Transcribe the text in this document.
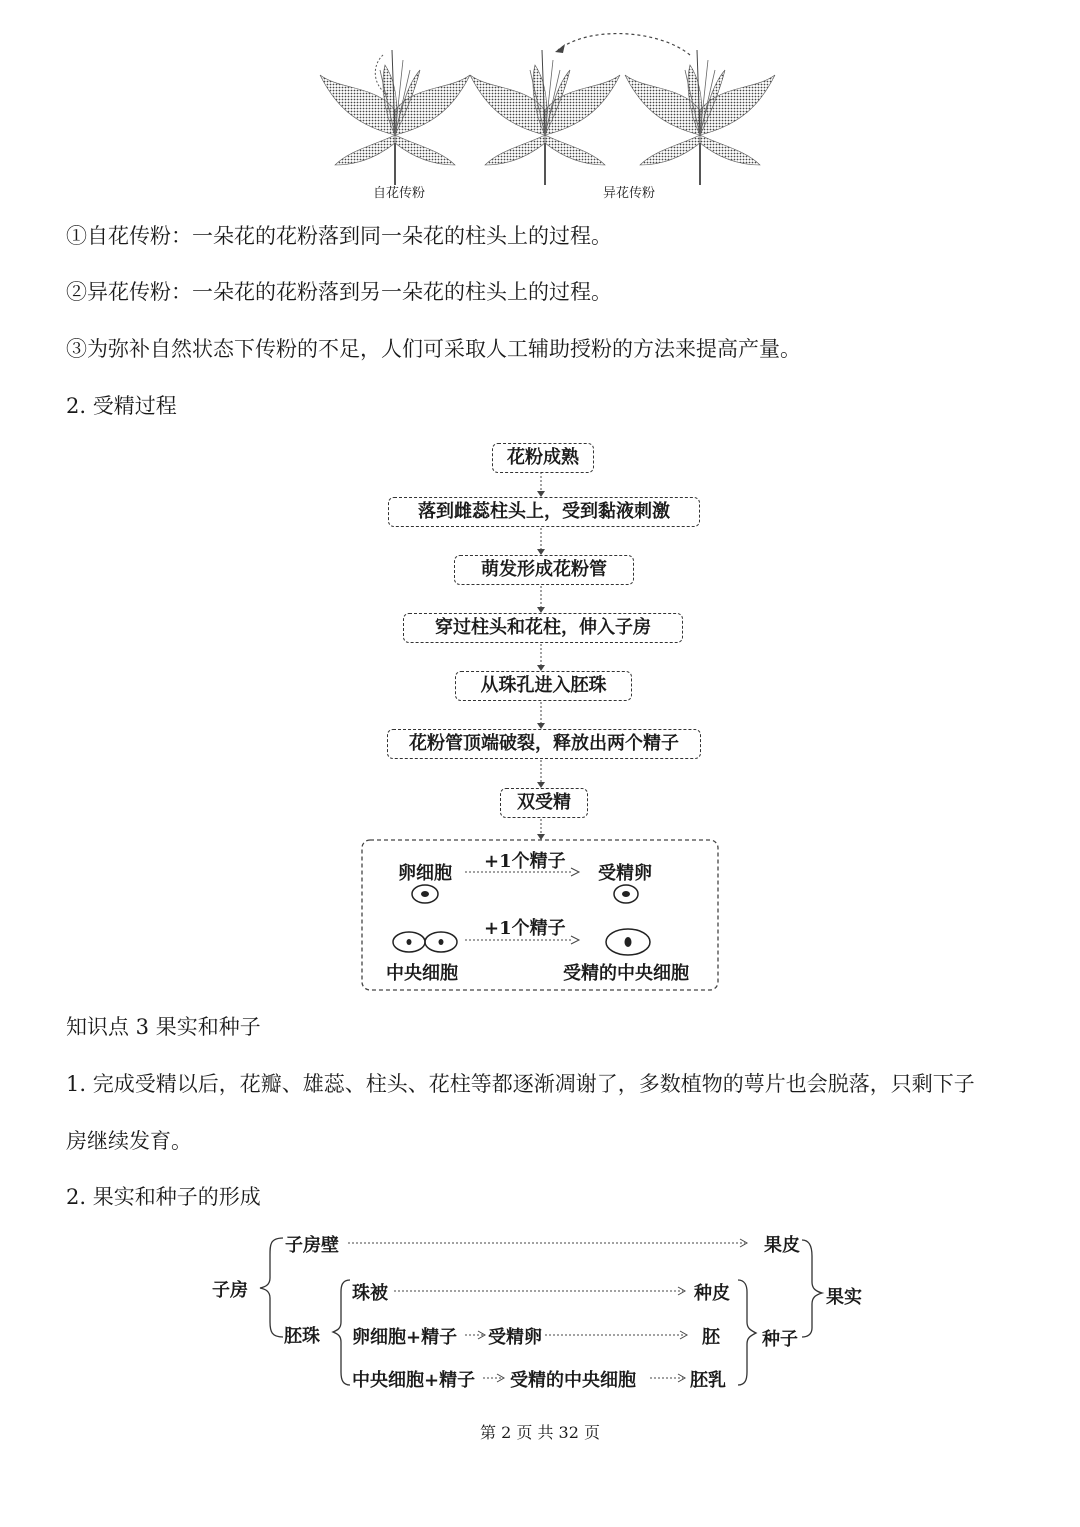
自花传粉	异花传粉
①自花传粉：一朵花的花粉落到同一朵花的柱头上的过程。
②异花传粉：一朵花的花粉落到另一朵花的柱头上的过程。
③为弥补自然状态下传粉的不足，人们可采取人工辅助授粉的方法来提高产量。
2. 受精过程
花粉成熟
落到雌蕊柱头上，受到黏液刺激
萌发形成花粉管
穿过柱头和花柱，伸入子房
从珠孔进入胚珠
花粉管顶端破裂，释放出两个精子
双受精
卵细胞
+1个精子
受精卵
+1个精子
中央细胞	受精的中央细胞
知识点 3 果实和种子
1. 完成受精以后，花瓣、雄蕊、柱头、花柱等都逐渐凋谢了，多数植物的萼片也会脱落，只剩下子
房继续发育。
2. 果实和种子的形成
子房
子房壁	果皮
果实
胚珠
珠被	种皮
卵细胞+精子 受精卵	胚 种子
中央细胞+精子 受精的中央细胞	胚乳
第 2 页 共 32 页
